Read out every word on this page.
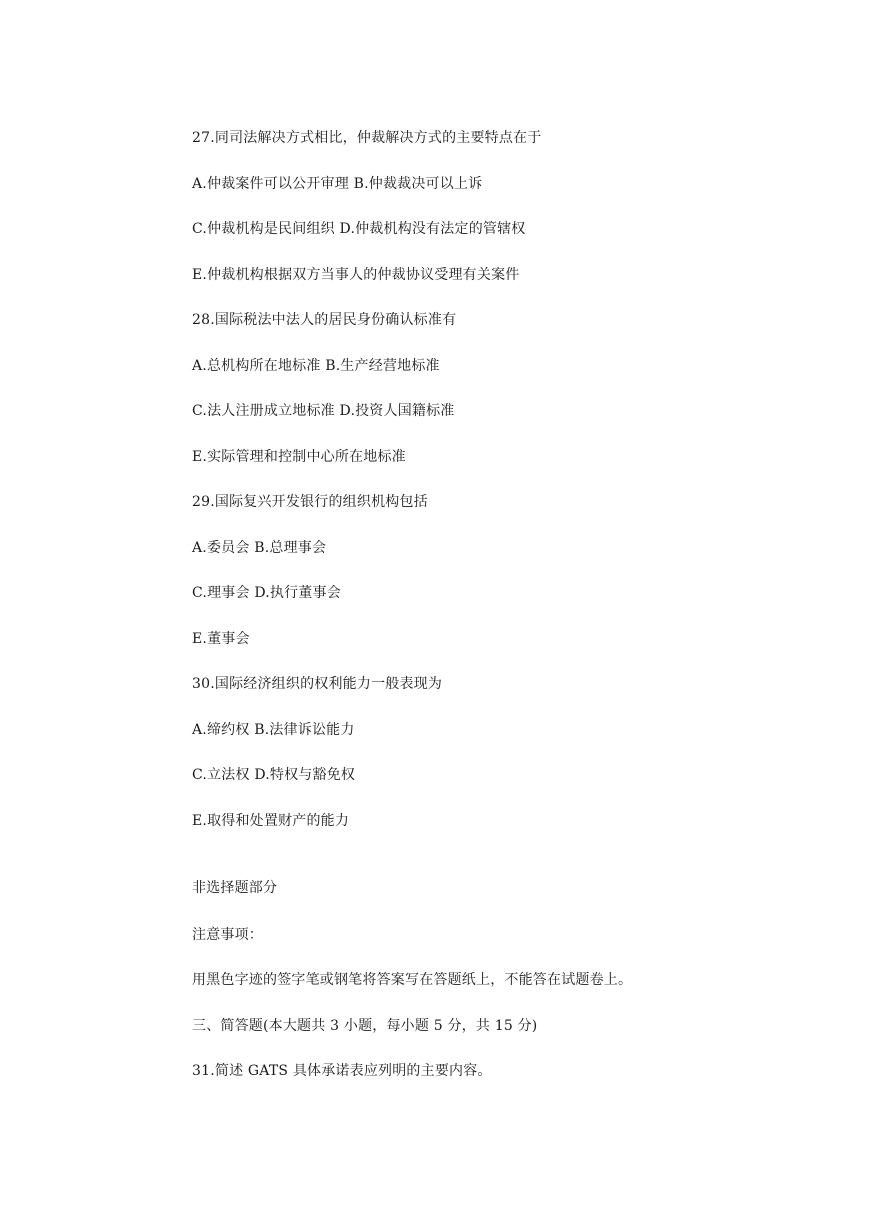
27.同司法解决方式相比，仲裁解决方式的主要特点在于
A.仲裁案件可以公开审理 B.仲裁裁决可以上诉
C.仲裁机构是民间组织 D.仲裁机构没有法定的管辖权
E.仲裁机构根据双方当事人的仲裁协议受理有关案件
28.国际税法中法人的居民身份确认标准有
A.总机构所在地标准 B.生产经营地标准
C.法人注册成立地标准 D.投资人国籍标准
E.实际管理和控制中心所在地标准
29.国际复兴开发银行的组织机构包括
A.委员会 B.总理事会
C.理事会 D.执行董事会
E.董事会
30.国际经济组织的权利能力一般表现为
A.缔约权 B.法律诉讼能力
C.立法权 D.特权与豁免权
E.取得和处置财产的能力
非选择题部分
注意事项：
用黑色字迹的签字笔或钢笔将答案写在答题纸上，不能答在试题卷上。
三、简答题(本大题共 3 小题，每小题 5 分，共 15 分)
31.简述 GATS 具体承诺表应列明的主要内容。
